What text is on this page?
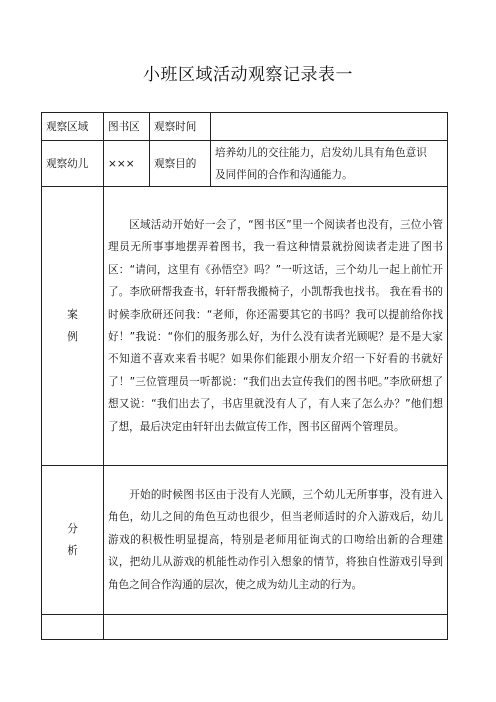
小班区域活动观察记录表一
观察区域	图书区	观察时间	
观察幼儿	×××	观察目的	培养幼儿的交往能力，启发幼儿具有角色意识
及同伴间的合作和沟通能力。

案
例	区域活动开始好一会了，“图书区”里一个阅读者也没有，三位小管理员无所事事地摆弄着图书，我一看这种情景就扮阅读者走进了图书区：“请问，这里有《孙悟空》吗？”一听这话，三个幼儿一起上前忙开了。李欣研帮我查书，轩轩帮我搬椅子，小凯帮我也找书。 我在看书的时候李欣研还问我：“老师，你还需要其它的书吗？我可以提前给你找好！”我说：“你们的服务那么好，为什么没有读者光顾呢？是不是大家不知道不喜欢来看书呢？如果你们能跟小朋友介绍一下好看的书就好了！”三位管理员一听都说：“我们出去宣传我们的图书吧。”李欣研想了想又说：“我们出去了，书店里就没有人了，有人来了怎么办？”他们想了想，最后决定由轩轩出去做宣传工作，图书区留两个管理员。		

分
析	开始的时候图书区由于没有人光顾，三个幼儿无所事事，没有进入角色，幼儿之间的角色互动也很少，但当老师适时的介入游戏后，幼儿游戏的积极性明显提高，特别是老师用征询式的口吻给出新的合理建议，把幼儿从游戏的机能性动作引入想象的情节，将独自性游戏引导到角色之间合作沟通的层次，使之成为幼儿主动的行为。		
